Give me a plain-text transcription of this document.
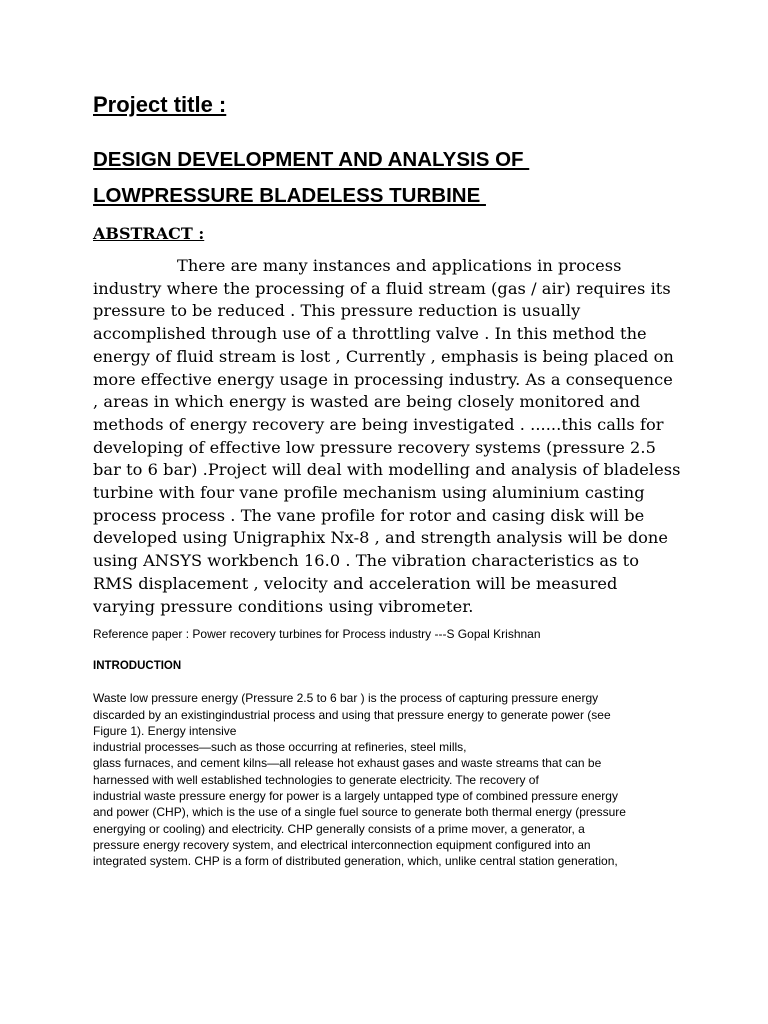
Project title :
DESIGN DEVELOPMENT AND ANALYSIS OF
LOWPRESSURE BLADELESS TURBINE
ABSTRACT :

There are many instances and applications in process industry where the processing of a fluid stream (gas / air) requires its pressure to be reduced . This pressure reduction is usually accomplished through use of a throttling valve . In this method the energy of fluid stream is lost , Currently , emphasis is being placed on more effective energy usage in processing industry. As a consequence , areas in which energy is wasted are being closely monitored and methods of energy recovery are being investigated . ......this calls for developing of effective low pressure recovery systems (pressure 2.5 bar to 6 bar) .Project will deal with modelling and analysis of bladeless turbine with four vane profile mechanism using aluminium casting process process . The vane profile for rotor and casing disk will be developed using Unigraphix Nx-8 , and strength analysis will be done using ANSYS workbench 16.0 . The vibration characteristics as to RMS displacement , velocity and acceleration will be measured varying pressure conditions using vibrometer.

Reference paper : Power recovery turbines for Process industry ---S Gopal Krishnan
INTRODUCTION
Waste low pressure energy (Pressure 2.5 to 6 bar ) is the process of capturing pressure energy
discarded by an existingindustrial process and using that pressure energy to generate power (see
Figure 1). Energy intensive
industrial processes—such as those occurring at refineries, steel mills,
glass furnaces, and cement kilns—all release hot exhaust gases and waste streams that can be
harnessed with well established technologies to generate electricity. The recovery of
industrial waste pressure energy for power is a largely untapped type of combined pressure energy
and power (CHP), which is the use of a single fuel source to generate both thermal energy (pressure
energying or cooling) and electricity. CHP generally consists of a prime mover, a generator, a
pressure energy recovery system, and electrical interconnection equipment configured into an
integrated system. CHP is a form of distributed generation, which, unlike central station generation,
